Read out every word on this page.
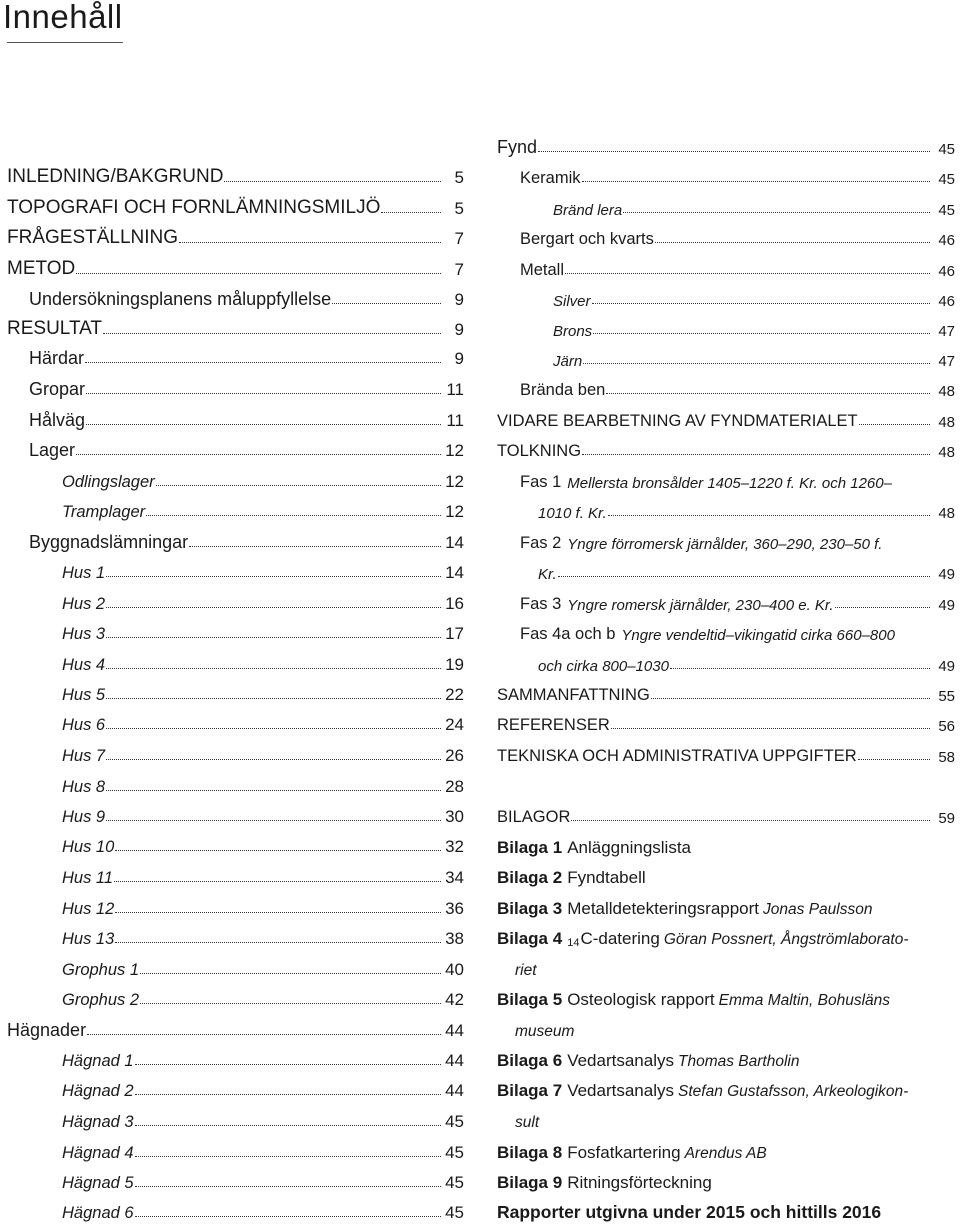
Innehåll
INLEDNING/BAKGRUND	5
TOPOGRAFI OCH FORNLÄMNINGSMILJÖ	5
FRÅGESTÄLLNING	7
METOD	7
Undersökningsplanens måluppfyllelse	9
RESULTAT	9
Härdar	9
Gropar	11
Hålväg	11
Lager	12
Odlingslager	12
Tramplager	12
Byggnadslämningar	14
Hus 1	14
Hus 2	16
Hus 3	17
Hus 4	19
Hus 5	22
Hus 6	24
Hus 7	26
Hus 8	28
Hus 9	30
Hus 10	32
Hus 11	34
Hus 12	36
Hus 13	38
Grophus 1	40
Grophus 2	42
Hägnader	44
Hägnad 1	44
Hägnad 2	44
Hägnad 3	45
Hägnad 4	45
Hägnad 5	45
Hägnad 6	45
Fynd	45
Keramik	45
Bränd lera	45
Bergart och kvarts	46
Metall	46
Silver	46
Brons	47
Järn	47
Brända ben	48
VIDARE BEARBETNING AV FYNDMATERIALET	48
TOLKNING	48
Fas 1 Mellersta bronsålder 1405–1220 f. Kr. och 1260–
1010 f. Kr.	48
Fas 2 Yngre förromersk järnålder, 360–290, 230–50 f.
Kr.	49
Fas 3 Yngre romersk järnålder, 230–400 e. Kr.	49
Fas 4a och b Yngre vendeltid–vikingatid cirka 660–800
och cirka 800–1030	49
SAMMANFATTNING	55
REFERENSER	56
TEKNISKA OCH ADMINISTRATIVA UPPGIFTER	58
BILAGOR	59
Bilaga 1 Anläggningslista
Bilaga 2 Fyndtabell
Bilaga 3 Metalldetekteringsrapport Jonas Paulsson
Bilaga 4 $_{14}$ C-datering Göran Possnert, Ångströmlaborato-
riet
Bilaga 5 Osteologisk rapport Emma Maltin, Bohusläns
museum
Bilaga 6 Vedartsanalys Thomas Bartholin
Bilaga 7 Vedartsanalys Stefan Gustafsson, Arkeologikon-
sult
Bilaga 8 Fosfatkartering Arendus AB
Bilaga 9 Ritningsförteckning
Rapporter utgivna under 2015 och hittills 2016
